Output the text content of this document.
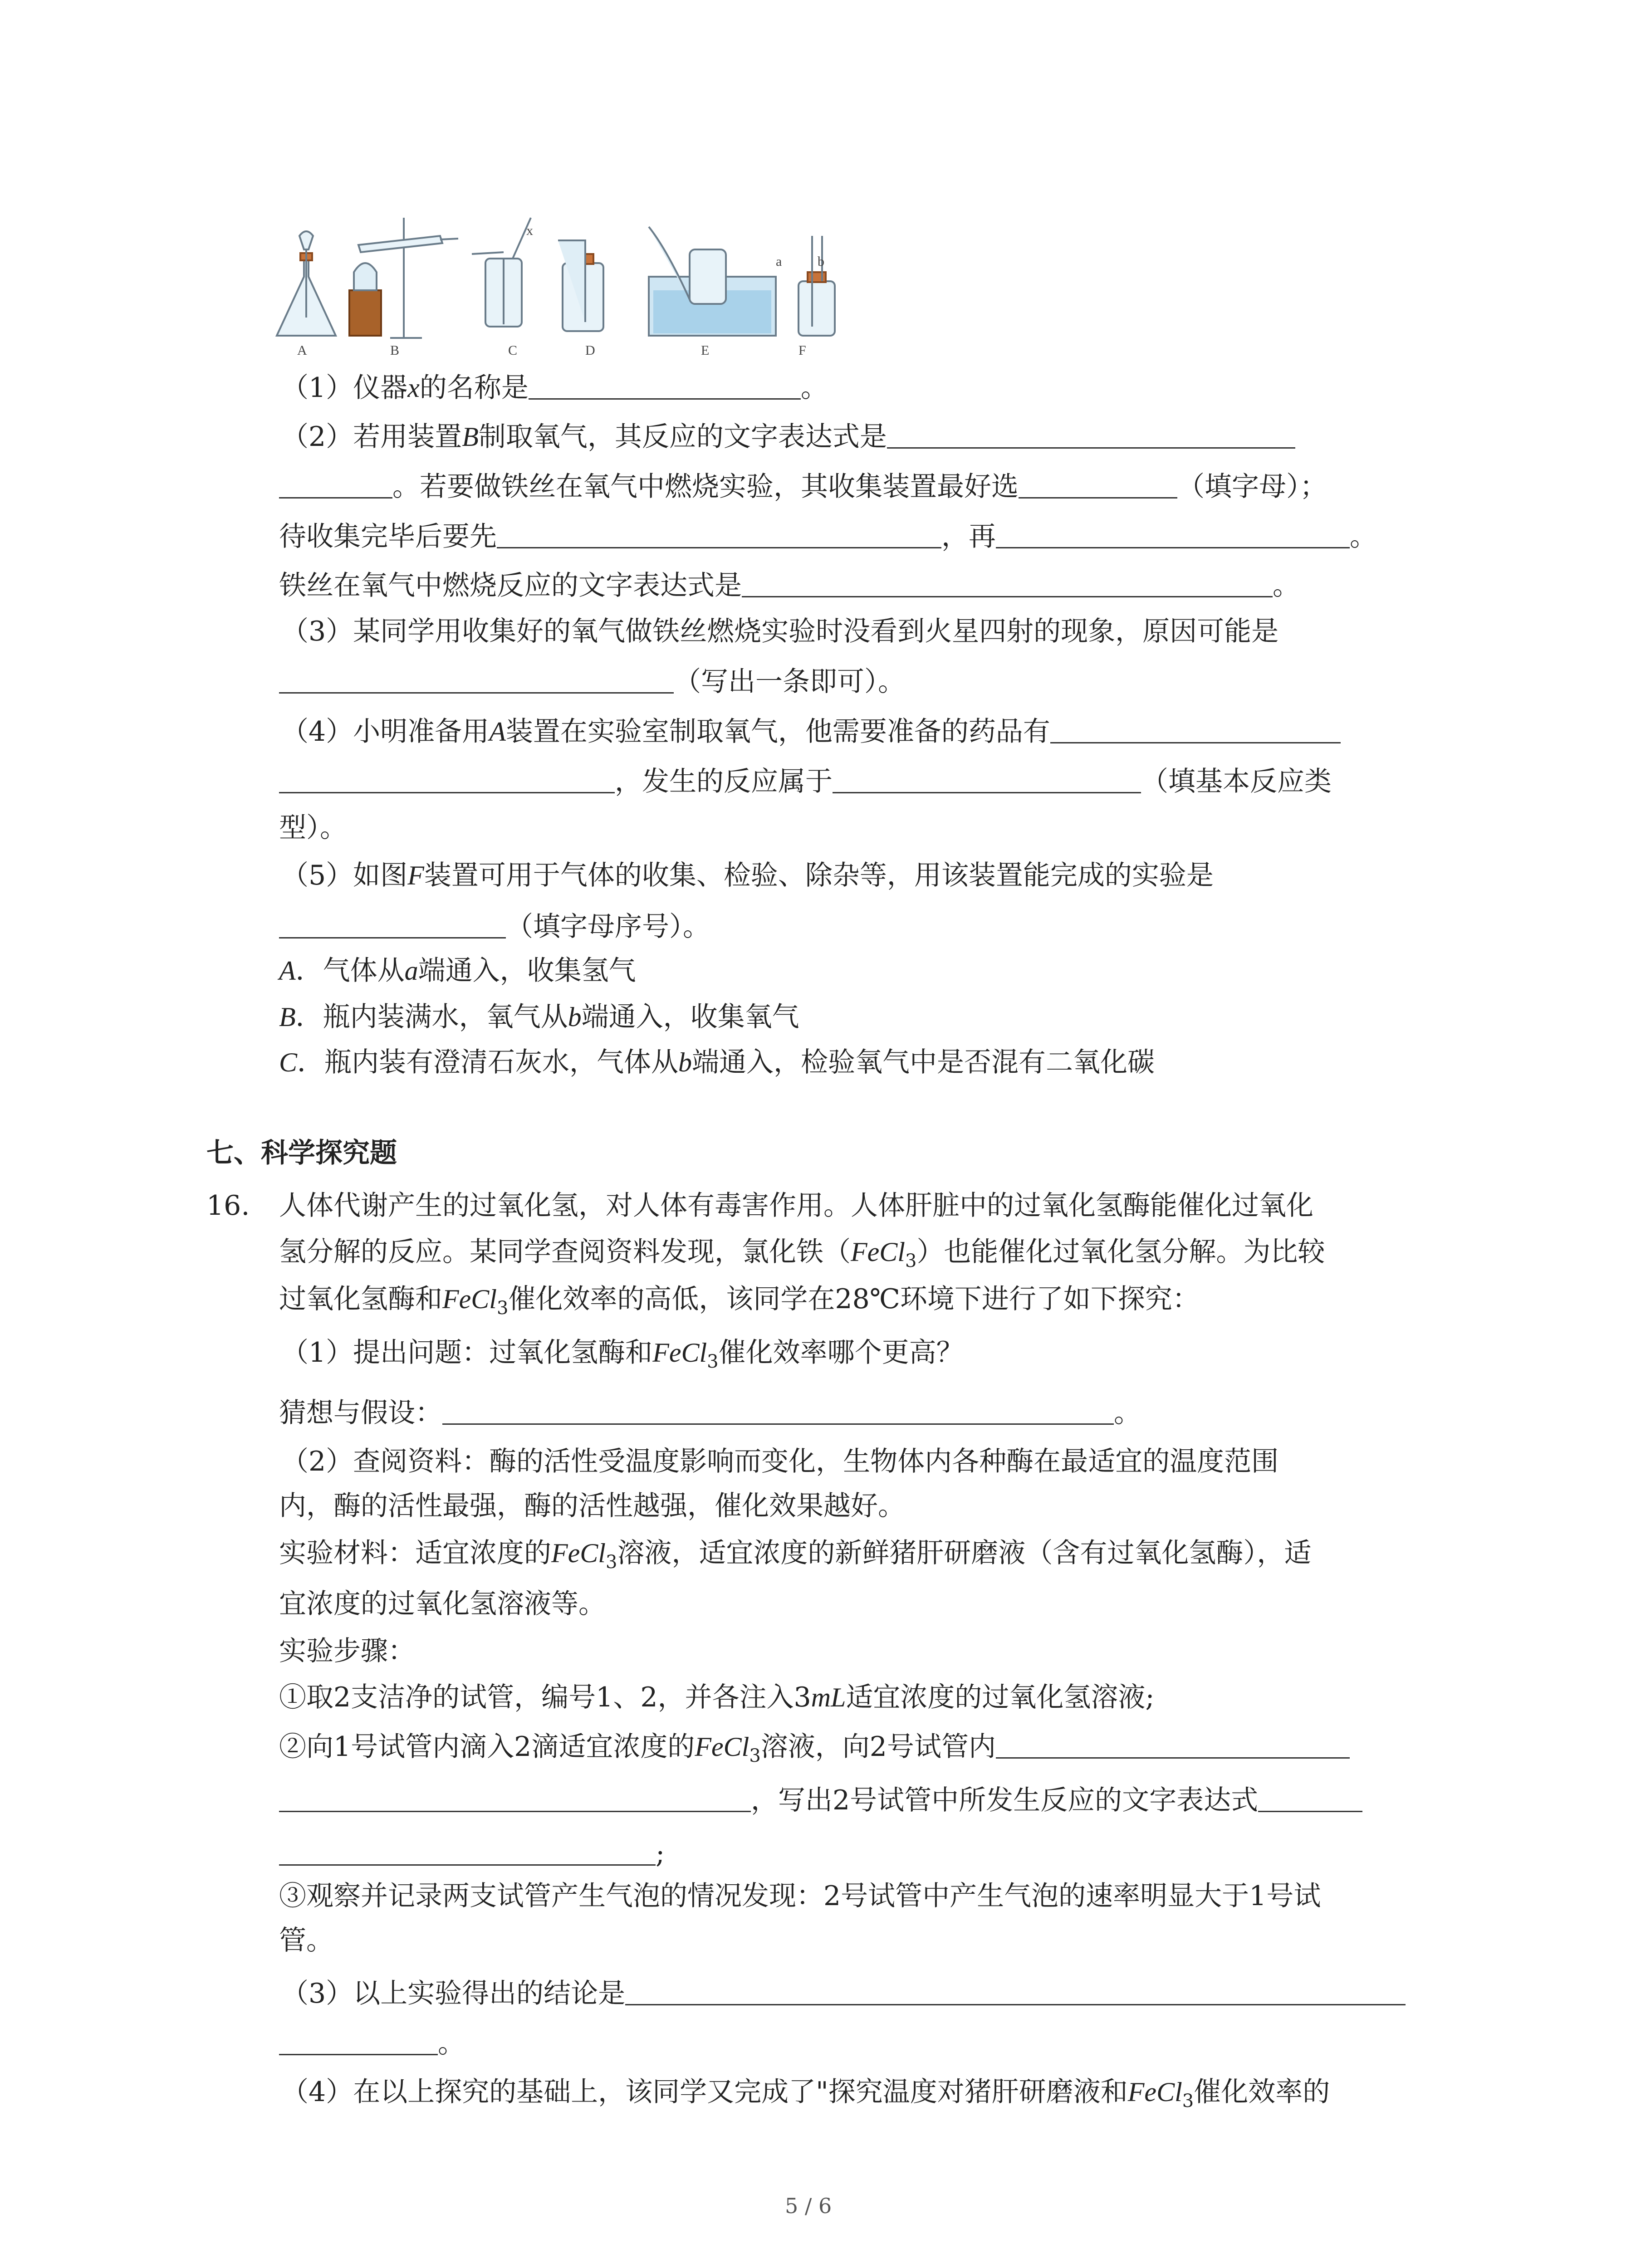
x
a	b
A	B	C	D	E	F
（1）仪器x的名称是	。
（2）若用装置B制取氧气，其反应的文字表达式是
。若要做铁丝在氧气中燃烧实验，其收集装置最好选	（填字母）；
待收集完毕后要先	，再	。
铁丝在氧气中燃烧反应的文字表达式是	。
（3）某同学用收集好的氧气做铁丝燃烧实验时没看到火星四射的现象，原因可能是
（写出一条即可）。
（4）小明准备用A装置在实验室制取氧气，他需要准备的药品有
，发生的反应属于	（填基本反应类
型）。
（5）如图F装置可用于气体的收集、检验、除杂等，用该装置能完成的实验是
（填字母序号）。
A．气体从a端通入，收集氢气
B．瓶内装满水，氧气从b端通入，收集氧气
C．瓶内装有澄清石灰水，气体从b端通入，检验氧气中是否混有二氧化碳
七、科学探究题
16. 人体代谢产生的过氧化氢，对人体有毒害作用。人体肝脏中的过氧化氢酶能催化过氧化
氢分解的反应。某同学查阅资料发现，氯化铁（FeCl$_3$）也能催化过氧化氢分解。为比较
过氧化氢酶和FeCl$_3$催化效率的高低，该同学在28℃环境下进行了如下探究：
（1）提出问题：过氧化氢酶和FeCl$_3$催化效率哪个更高？
猜想与假设：	。
（2）查阅资料：酶的活性受温度影响而变化，生物体内各种酶在最适宜的温度范围
内，酶的活性最强，酶的活性越强，催化效果越好。
实验材料：适宜浓度的FeCl$_3$溶液，适宜浓度的新鲜猪肝研磨液（含有过氧化氢酶），适
宜浓度的过氧化氢溶液等。
实验步骤：
①取2支洁净的试管，编号1、2，并各注入3mL适宜浓度的过氧化氢溶液;
②向1号试管内滴入2滴适宜浓度的FeCl$_3$溶液，向2号试管内
，写出2号试管中所发生反应的文字表达式
;
③观察并记录两支试管产生气泡的情况发现：2号试管中产生气泡的速率明显大于1号试
管。
（3）以上实验得出的结论是
。
（4）在以上探究的基础上，该同学又完成了"探究温度对猪肝研磨液和FeCl$_3$催化效率的
5 / 6
